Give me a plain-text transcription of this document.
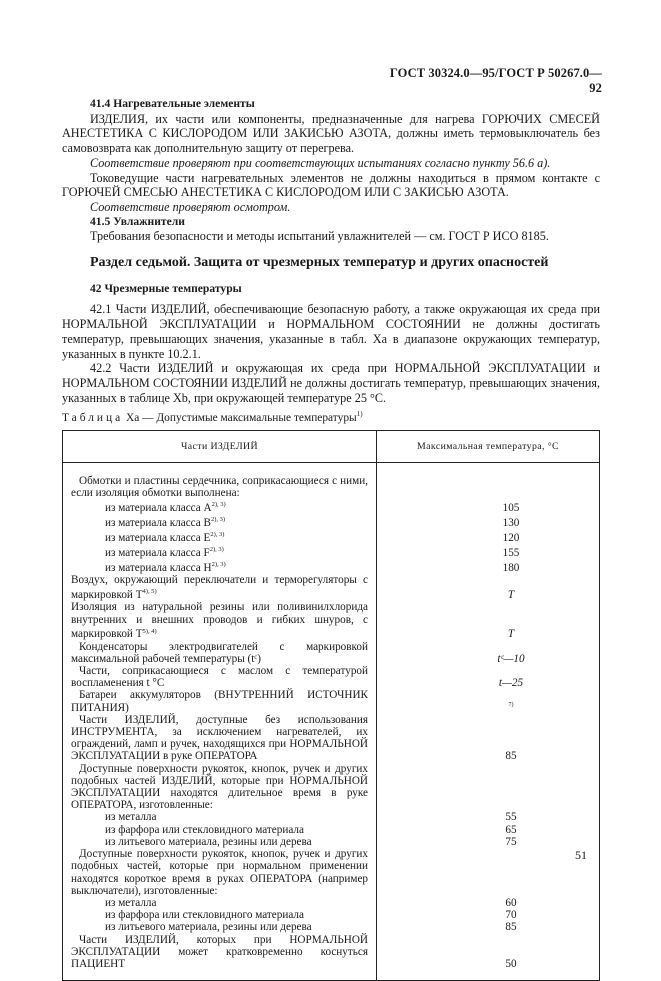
ГОСТ 30324.0—95/ГОСТ Р 50267.0—92

41.4 Нагревательные элементы

ИЗДЕЛИЯ, их части или компоненты, предназначенные для нагрева ГОРЮЧИХ СМЕСЕЙ АНЕСТЕТИКА С КИСЛОРОДОМ ИЛИ ЗАКИСЬЮ АЗОТА, должны иметь термовыключатель без самовозврата как дополнительную защиту от перегрева.

Соответствие проверяют при соответствующих испытаниях согласно пункту 56.6 а).

Токоведущие части нагревательных элементов не должны находиться в прямом контакте с ГОРЮЧЕЙ СМЕСЬЮ АНЕСТЕТИКА С КИСЛОРОДОМ ИЛИ С ЗАКИСЬЮ АЗОТА.

Соответствие проверяют осмотром.

41.5 Увлажнители

Требования безопасности и методы испытаний увлажнителей — см. ГОСТ Р ИСО 8185.

Раздел седьмой. Защита от чрезмерных температур и других опасностей

42 Чрезмерные температуры

42.1 Части ИЗДЕЛИЙ, обеспечивающие безопасную работу, а также окружающая их среда при НОРМАЛЬНОЙ ЭКСПЛУАТАЦИИ и НОРМАЛЬНОМ СОСТОЯНИИ не должны достигать температур, превышающих значения, указанные в табл. Ха в диапазоне окружающих температур, указанных в пункте 10.2.1.

42.2 Части ИЗДЕЛИЙ и окружающая их среда при НОРМАЛЬНОЙ ЭКСПЛУАТАЦИИ и НОРМАЛЬНОМ СОСТОЯНИИ ИЗДЕЛИЙ не должны достигать температур, превышающих значения, указанных в таблице Xb, при окружающей температуре 25 °С.

Таблица Ха — Допустимые максимальные температуры$^{1)}$

Части ИЗДЕЛИЙ	Максимальная температура, °С

Обмотки и пластины сердечника, соприкасающиеся с ними, если изоляция обмотки выполнена:	

из материала класса $А^{2), 3)}$	105
из материала класса $В^{2), 3)}$	130
из материала класса $Е^{2), 3)}$	120
из материала класса $F^{2), 3)}$	155
из материала класса $Н^{2), 3)}$	180
Воздух, окружающий переключатели и терморегуляторы с маркировкой $T^{4), 5)}$	T
Изоляция из натуральной резины или поливинилхлорида внутренних и внешних проводов и гибких шнуров, с маркировкой $T^{5), 4)}$	T

Конденсаторы электродвигателей с маркировкой максимальной рабочей температуры (tᶜ)	tᶜ—10

Части, соприкасающиеся с маслом с температурой воспламенения t °С	t—25

Батареи аккумуляторов (ВНУТРЕННИЙ ИСТОЧНИК ПИТАНИЯ)	$^{7)}$

Части ИЗДЕЛИЙ, доступные без использования ИНСТРУМЕНТА, за исключением нагревателей, их ограждений, ламп и ручек, находящихся при НОРМАЛЬНОЙ ЭКСПЛУАТАЦИИ в руке ОПЕРАТОРА	85

Доступные поверхности рукояток, кнопок, ручек и других подобных частей ИЗДЕЛИЙ, которые при НОРМАЛЬНОЙ ЭКСПЛУАТАЦИИ находятся длительное время в руке ОПЕРАТОРА, изготовленные:	

из металла	55

из фарфора или стекловидного материала	65

из литьевого материала, резины или дерева	75

Доступные поверхности рукояток, кнопок, ручек и других подобных частей, которые при нормальном применении находятся короткое время в руках ОПЕРАТОРА (например выключатели), изготовленные:	

из металла	60

из фарфора или стекловидного материала	70

из литьевого материала, резины или дерева	85

Части ИЗДЕЛИЙ, которых при НОРМАЛЬНОЙ ЭКСПЛУАТАЦИИ может кратковременно коснуться ПАЦИЕНТ	50
51
